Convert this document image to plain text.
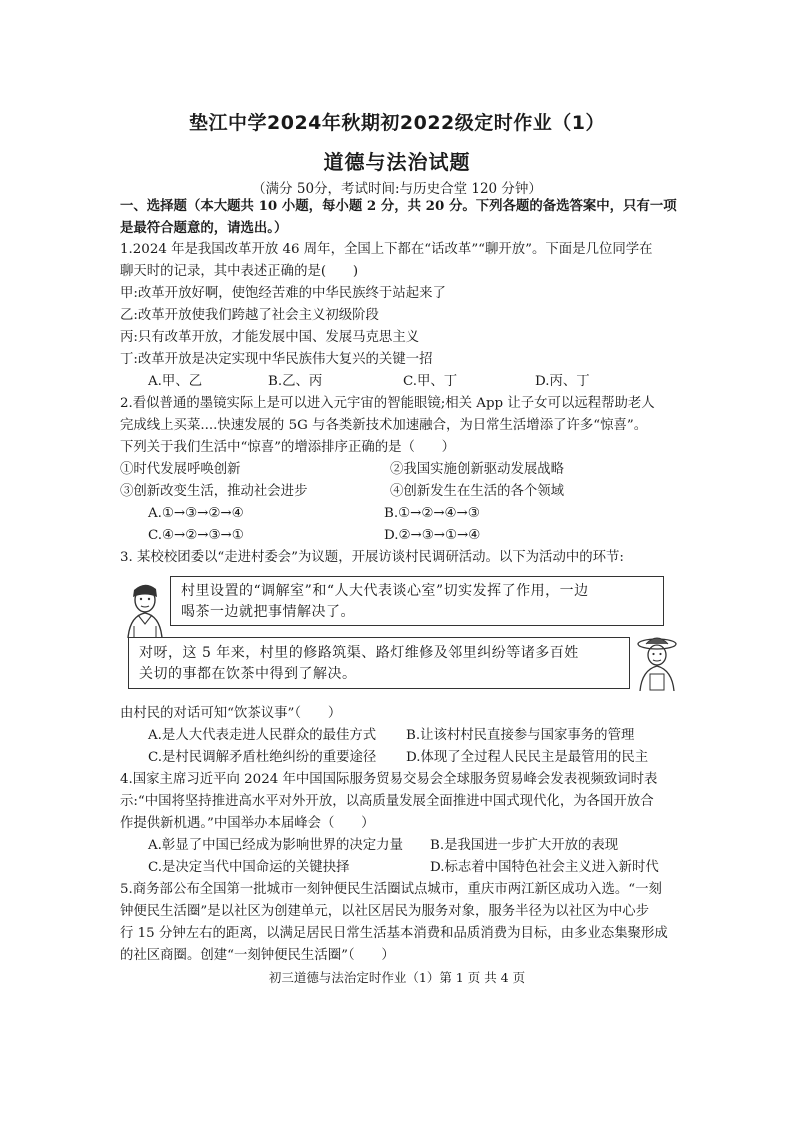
垫江中学2024年秋期初2022级定时作业（1）
道德与法治试题
（满分 50分，考试时间:与历史合堂 120 分钟）
一、选择题（本大题共 10 小题，每小题 2 分，共 20 分。下列各题的备选答案中，只有一项
是最符合题意的，请选出。）
1.2024 年是我国改革开放 46 周年，全国上下都在“话改革”“聊开放”。下面是几位同学在
聊天时的记录，其中表述正确的是(　　)
甲:改革开放好啊，使饱经苦难的中华民族终于站起来了
乙:改革开放使我们跨越了社会主义初级阶段
丙:只有改革开放，才能发展中国、发展马克思主义
丁:改革开放是决定实现中华民族伟大复兴的关键一招
A.甲、乙	B.乙、丙	C.甲、丁	D.丙、丁
2.看似普通的墨镜实际上是可以进入元宇宙的智能眼镜;相关 App 让子女可以远程帮助老人
完成线上买菜....快速发展的 5G 与各类新技术加速融合，为日常生活增添了许多“惊喜”。
下列关于我们生活中“惊喜”的增添排序正确的是（　　）
①时代发展呼唤创新	②我国实施创新驱动发展战略
③创新改变生活，推动社会进步	④创新发生在生活的各个领域
A.①→③→②→④	B.①→②→④→③
C.④→②→③→①	D.②→③→①→④
3. 某校校团委以“走进村委会”为议题，开展访谈村民调研活动。以下为活动中的环节:
村里设置的“调解室”和“人大代表谈心室”切实发挥了作用，一边
喝茶一边就把事情解决了。
对呀，这 5 年来，村里的修路筑渠、路灯维修及邻里纠纷等诸多百姓
关切的事都在饮茶中得到了解决。
由村民的对话可知“饮茶议事”（　　）
A.是人大代表走进人民群众的最佳方式 B.让该村村民直接参与国家事务的管理
C.是村民调解矛盾杜绝纠纷的重要途径 D.体现了全过程人民民主是最管用的民主
4.国家主席习近平向 2024 年中国国际服务贸易交易会全球服务贸易峰会发表视频致词时表
示:“中国将坚持推进高水平对外开放，以高质量发展全面推进中国式现代化，为各国开放合
作提供新机遇。”中国举办本届峰会（　　）
A.彰显了中国已经成为影响世界的决定力量 B.是我国进一步扩大开放的表现
C.是决定当代中国命运的关键抉择	D.标志着中国特色社会主义进入新时代
5.商务部公布全国第一批城市一刻钟便民生活圈试点城市，重庆市两江新区成功入选。“一刻
钟便民生活圈”是以社区为创建单元，以社区居民为服务对象，服务半径为以社区为中心步
行 15 分钟左右的距离，以满足居民日常生活基本消费和品质消费为目标，由多业态集聚形成
的社区商圈。创建“一刻钟便民生活圈”（　　）
初三道德与法治定时作业（1）第 1 页 共 4 页
